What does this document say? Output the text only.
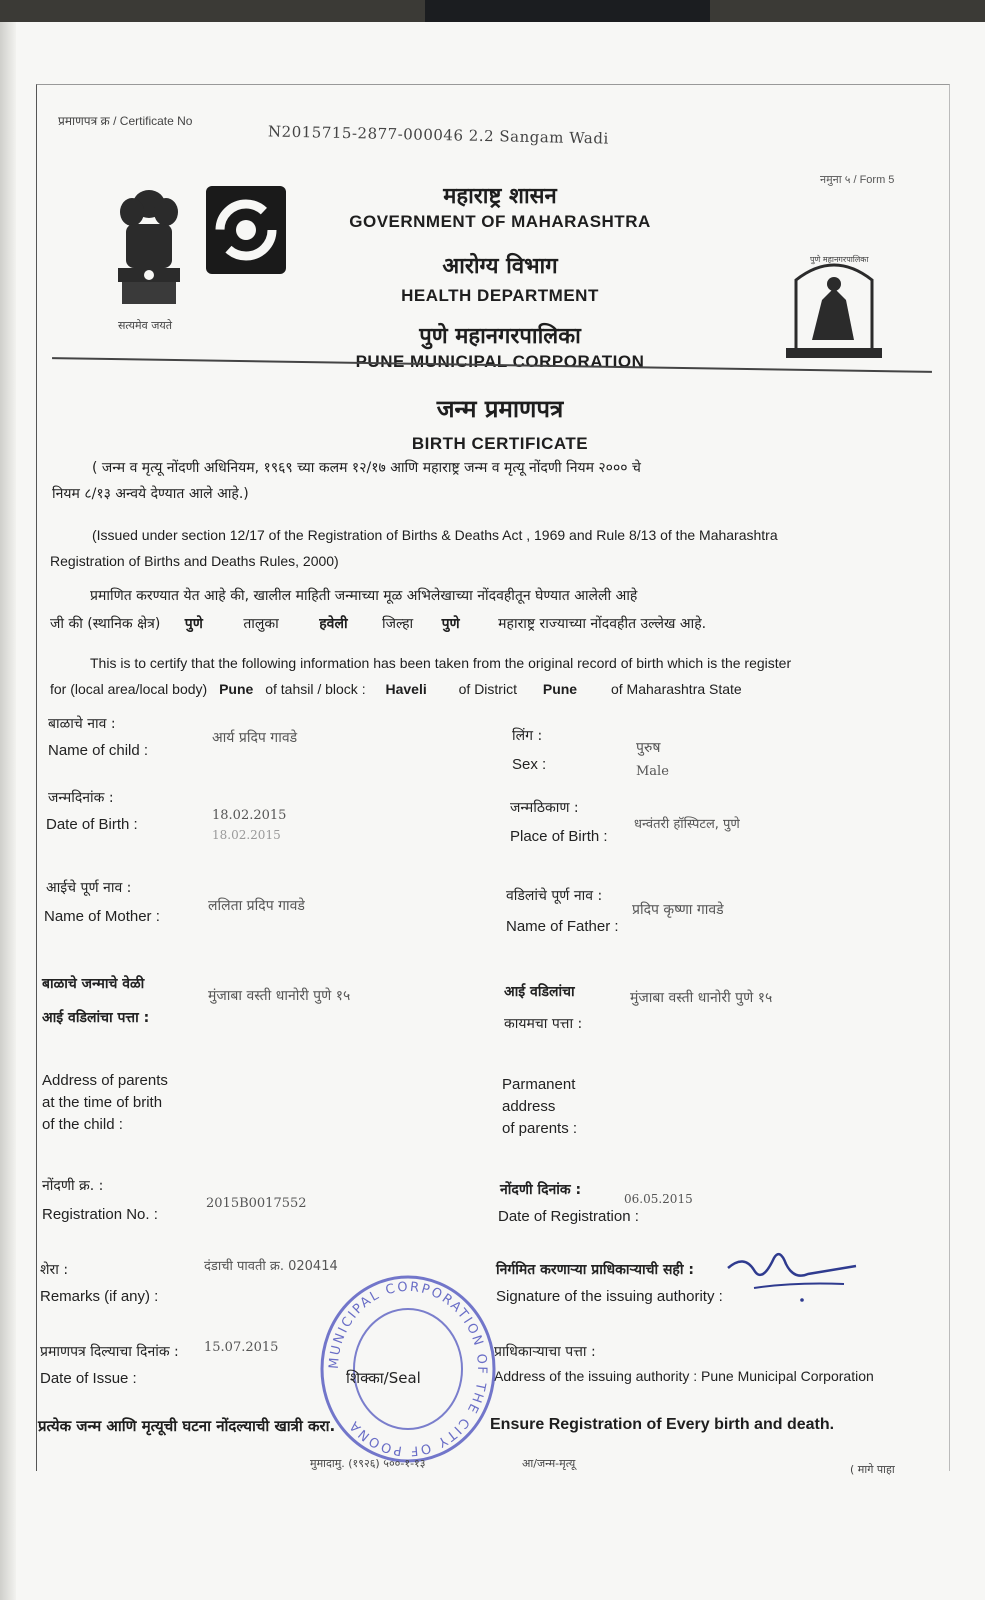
प्रमाणपत्र क्र / Certificate No
N2015715-2877-000046 2.2 Sangam Wadi
नमुना ५ / Form 5
सत्यमेव जयते
पुणे महानगरपालिका
महाराष्ट्र शासन
GOVERNMENT OF MAHARASHTRA
आरोग्य विभाग
HEALTH DEPARTMENT
पुणे महानगरपालिका
PUNE MUNICIPAL CORPORATION
जन्म प्रमाणपत्र
BIRTH CERTIFICATE
( जन्म व मृत्यू नोंदणी अधिनियम, १९६९ च्या कलम १२/१७ आणि महाराष्ट्र जन्म व मृत्यू नोंदणी नियम २००० चे
नियम ८/१३ अन्वये देण्यात आले आहे.)
(Issued under section 12/17 of the Registration of Births & Deaths Act , 1969 and Rule 8/13 of the Maharashtra
Registration of Births and Deaths Rules, 2000)
प्रमाणित करण्यात येत आहे की, खालील माहिती जन्माच्या मूळ अभिलेखाच्या नोंदवहीतून घेण्यात आलेली आहे
जी की (स्थानिक क्षेत्र) पुणे	तालुका	हवेली जिल्हा पुणे	महाराष्ट्र राज्याच्या नोंदवहीत उल्लेख आहे.
This is to certify that the following information has been taken from the original record of birth which is the register
for (local area/local body) Pune of tahsil / block : Haveli of District Pune of Maharashtra State
बाळाचे नाव :
Name of child :
आर्य प्रदिप गावडे	लिंग :
Sex :
पुरुष
Male
जन्मदिनांक :
Date of Birth :
18.02.2015
18.02.2015
जन्मठिकाण :
Place of Birth :
धन्वंतरी हॉस्पिटल, पुणे
आईचे पूर्ण नाव :
Name of Mother :
ललिता प्रदिप गावडे
वडिलांचे पूर्ण नाव :
Name of Father :
प्रदिप कृष्णा गावडे
बाळाचे जन्माचे वेळी
आई वडिलांचा पत्ता :
मुंजाबा वस्ती धानोरी पुणे १५	आई वडिलांचा
कायमचा पत्ता :
मुंजाबा वस्ती धानोरी पुणे १५
Address of parents
at the time of brith
of the child :
Parmanent
address
of parents :
नोंदणी क्र. :
Registration No. :
2015B0017552
नोंदणी दिनांक :
Date of Registration :
06.05.2015
शेरा :
Remarks (if any) :
दंडाची पावती क्र. 020414	निर्गमित करणाऱ्या प्राधिकाऱ्याची सही :
Signature of the issuing authority :
प्रमाणपत्र दिल्याचा दिनांक :
Date of Issue :
15.07.2015	प्राधिकाऱ्याचा पत्ता :
Address of the issuing authority : Pune Municipal Corporation
MUNICIPAL CORPORATION OF THE CITY OF POONA
शिक्का/Seal
प्रत्येक जन्म आणि मृत्यूची घटना नोंदल्याची खात्री करा.	Ensure Registration of Every birth and death.
मुमादामु. (१९२६) ५००-१-१३	आ/जन्म-मृत्यू	( मागे पाहा
